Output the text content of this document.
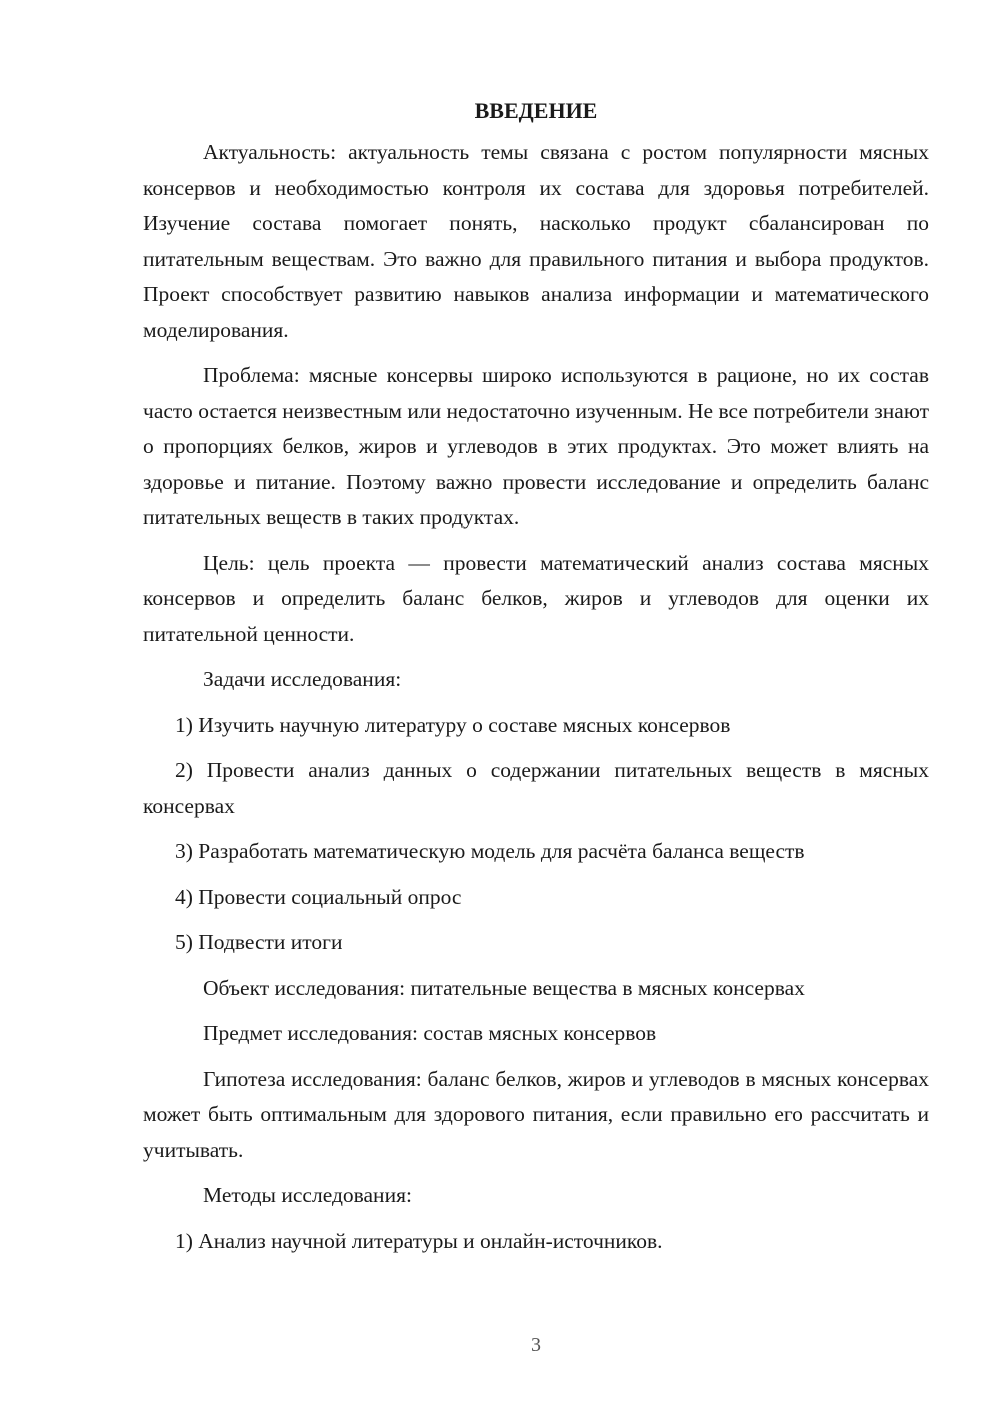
ВВЕДЕНИЕ

Актуальность: актуальность темы связана с ростом популярности мясных консервов и необходимостью контроля их состава для здоровья потребителей. Изучение состава помогает понять, насколько продукт сбалансирован по питательным веществам. Это важно для правильного питания и выбора продуктов. Проект способствует развитию навыков анализа информации и математического моделирования.

Проблема: мясные консервы широко используются в рационе, но их состав часто остается неизвестным или недостаточно изученным. Не все потребители знают о пропорциях белков, жиров и углеводов в этих продуктах. Это может влиять на здоровье и питание. Поэтому важно провести исследование и определить баланс питательных веществ в таких продуктах.

Цель: цель проекта — провести математический анализ состава мясных консервов и определить баланс белков, жиров и углеводов для оценки их питательной ценности.

Задачи исследования:

1) Изучить научную литературу о составе мясных консервов

2) Провести анализ данных о содержании питательных веществ в мясных консервах

3) Разработать математическую модель для расчёта баланса веществ

4) Провести социальный опрос

5) Подвести итоги

Объект исследования: питательные вещества в мясных консервах

Предмет исследования: состав мясных консервов

Гипотеза исследования: баланс белков, жиров и углеводов в мясных консервах может быть оптимальным для здорового питания, если правильно его рассчитать и учитывать.

Методы исследования:

1) Анализ научной литературы и онлайн-источников.

3
